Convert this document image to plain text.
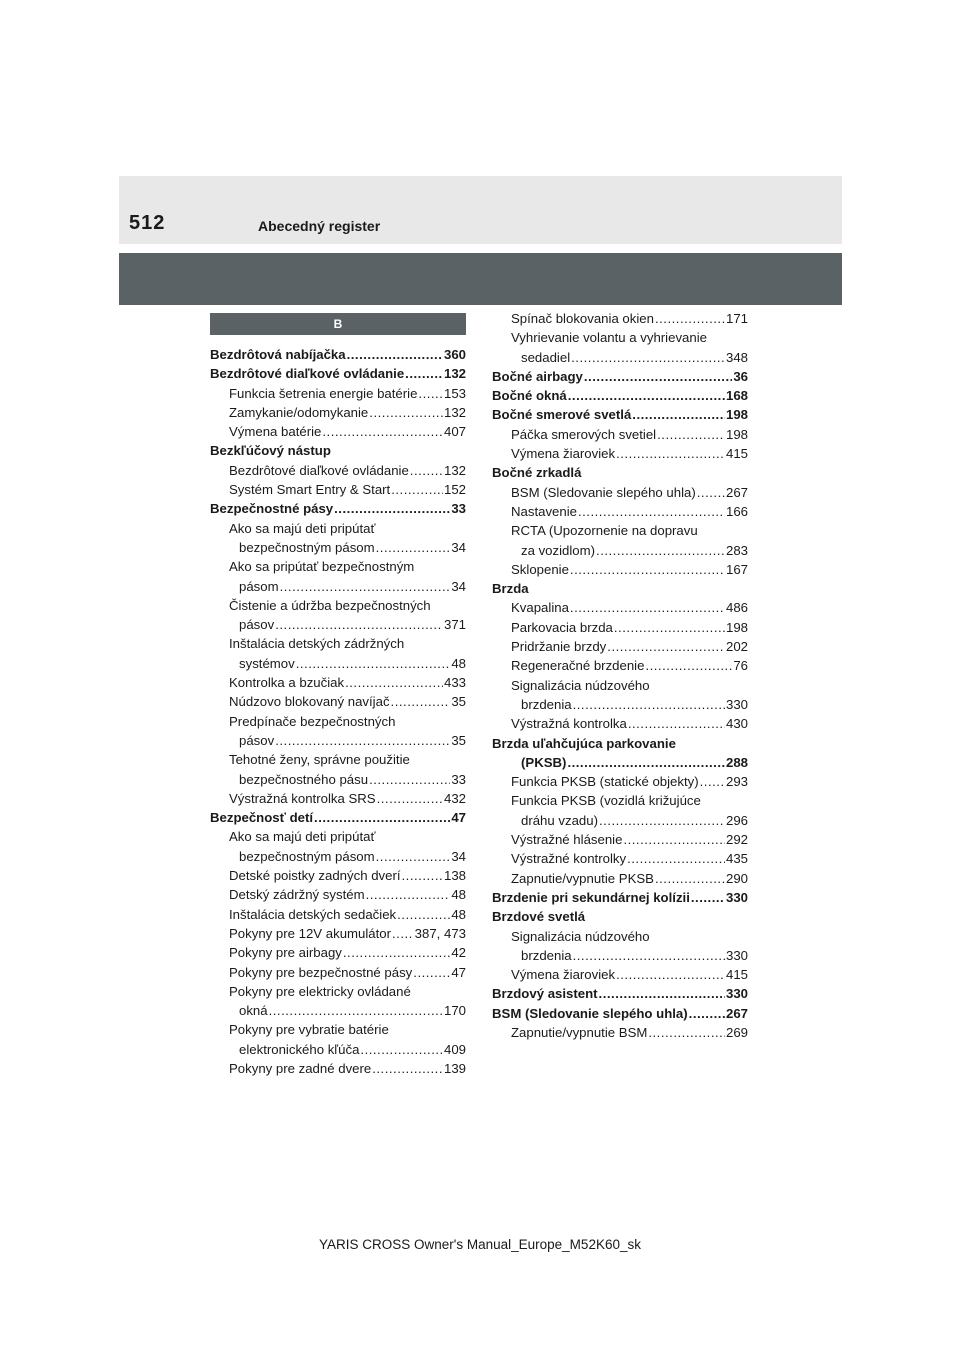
512	Abecedný register
B
Bezdrôtová nabíjačka .....	360
Bezdrôtové diaľkové ovládanie .....	132
Funkcia šetrenia energie batérie ..... 153
Zamykanie/odomykanie .....	132
Výmena batérie .....	407
Bezkľúčový nástup
Bezdrôtové diaľkové ovládanie .....	132
Systém Smart Entry & Start .....	152
Bezpečnostné pásy .....	33
Ako sa majú deti pripútať
bezpečnostným pásom .....	34
Ako sa pripútať bezpečnostným
pásom .....	34
Čistenie a údržba bezpečnostných
pásov .....	371
Inštalácia detských zádržných
systémov .....	48
Kontrolka a bzučiak .....	433
Núdzovo blokovaný navíjač .....	35
Predpínače bezpečnostných
pásov .....	35
Tehotné ženy, správne použitie
bezpečnostného pásu .....	33
Výstražná kontrolka SRS .....	432
Bezpečnosť detí .....	47
Ako sa majú deti pripútať
bezpečnostným pásom .....	34
Detské poistky zadných dverí .....	138
Detský zádržný systém .....	48
Inštalácia detských sedačiek .....	48
Pokyny pre 12V akumulátor ..... 387, 473
Pokyny pre airbagy .....	42
Pokyny pre bezpečnostné pásy .....	47
Pokyny pre elektricky ovládané
okná .....	170
Pokyny pre vybratie batérie
elektronického kľúča .....	409
Pokyny pre zadné dvere .....	139
Spínač blokovania okien .....	171
Vyhrievanie volantu a vyhrievanie
sedadiel .....	348
Bočné airbagy .....	36
Bočné okná .....	168
Bočné smerové svetlá .....	198
Páčka smerových svetiel .....	198
Výmena žiaroviek .....	415
Bočné zrkadlá
BSM (Sledovanie slepého uhla) ..... 267
Nastavenie .....	166
RCTA (Upozornenie na dopravu
za vozidlom) .....	283
Sklopenie .....	167
Brzda
Kvapalina .....	486
Parkovacia brzda .....	198
Pridržanie brzdy .....	202
Regeneračné brzdenie .....	76
Signalizácia núdzového
brzdenia .....	330
Výstražná kontrolka .....	430
Brzda uľahčujúca parkovanie
(PKSB) .....	288
Funkcia PKSB (statické objekty) ..... 293
Funkcia PKSB (vozidlá križujúce
dráhu vzadu) .....	296
Výstražné hlásenie .....	292
Výstražné kontrolky .....	435
Zapnutie/vypnutie PKSB .....	290
Brzdenie pri sekundárnej kolízii .....	330
Brzdové svetlá
Signalizácia núdzového
brzdenia .....	330
Výmena žiaroviek .....	415
Brzdový asistent .....	330
BSM (Sledovanie slepého uhla) .....	267
Zapnutie/vypnutie BSM .....	269
YARIS CROSS Owner's Manual_Europe_M52K60_sk
